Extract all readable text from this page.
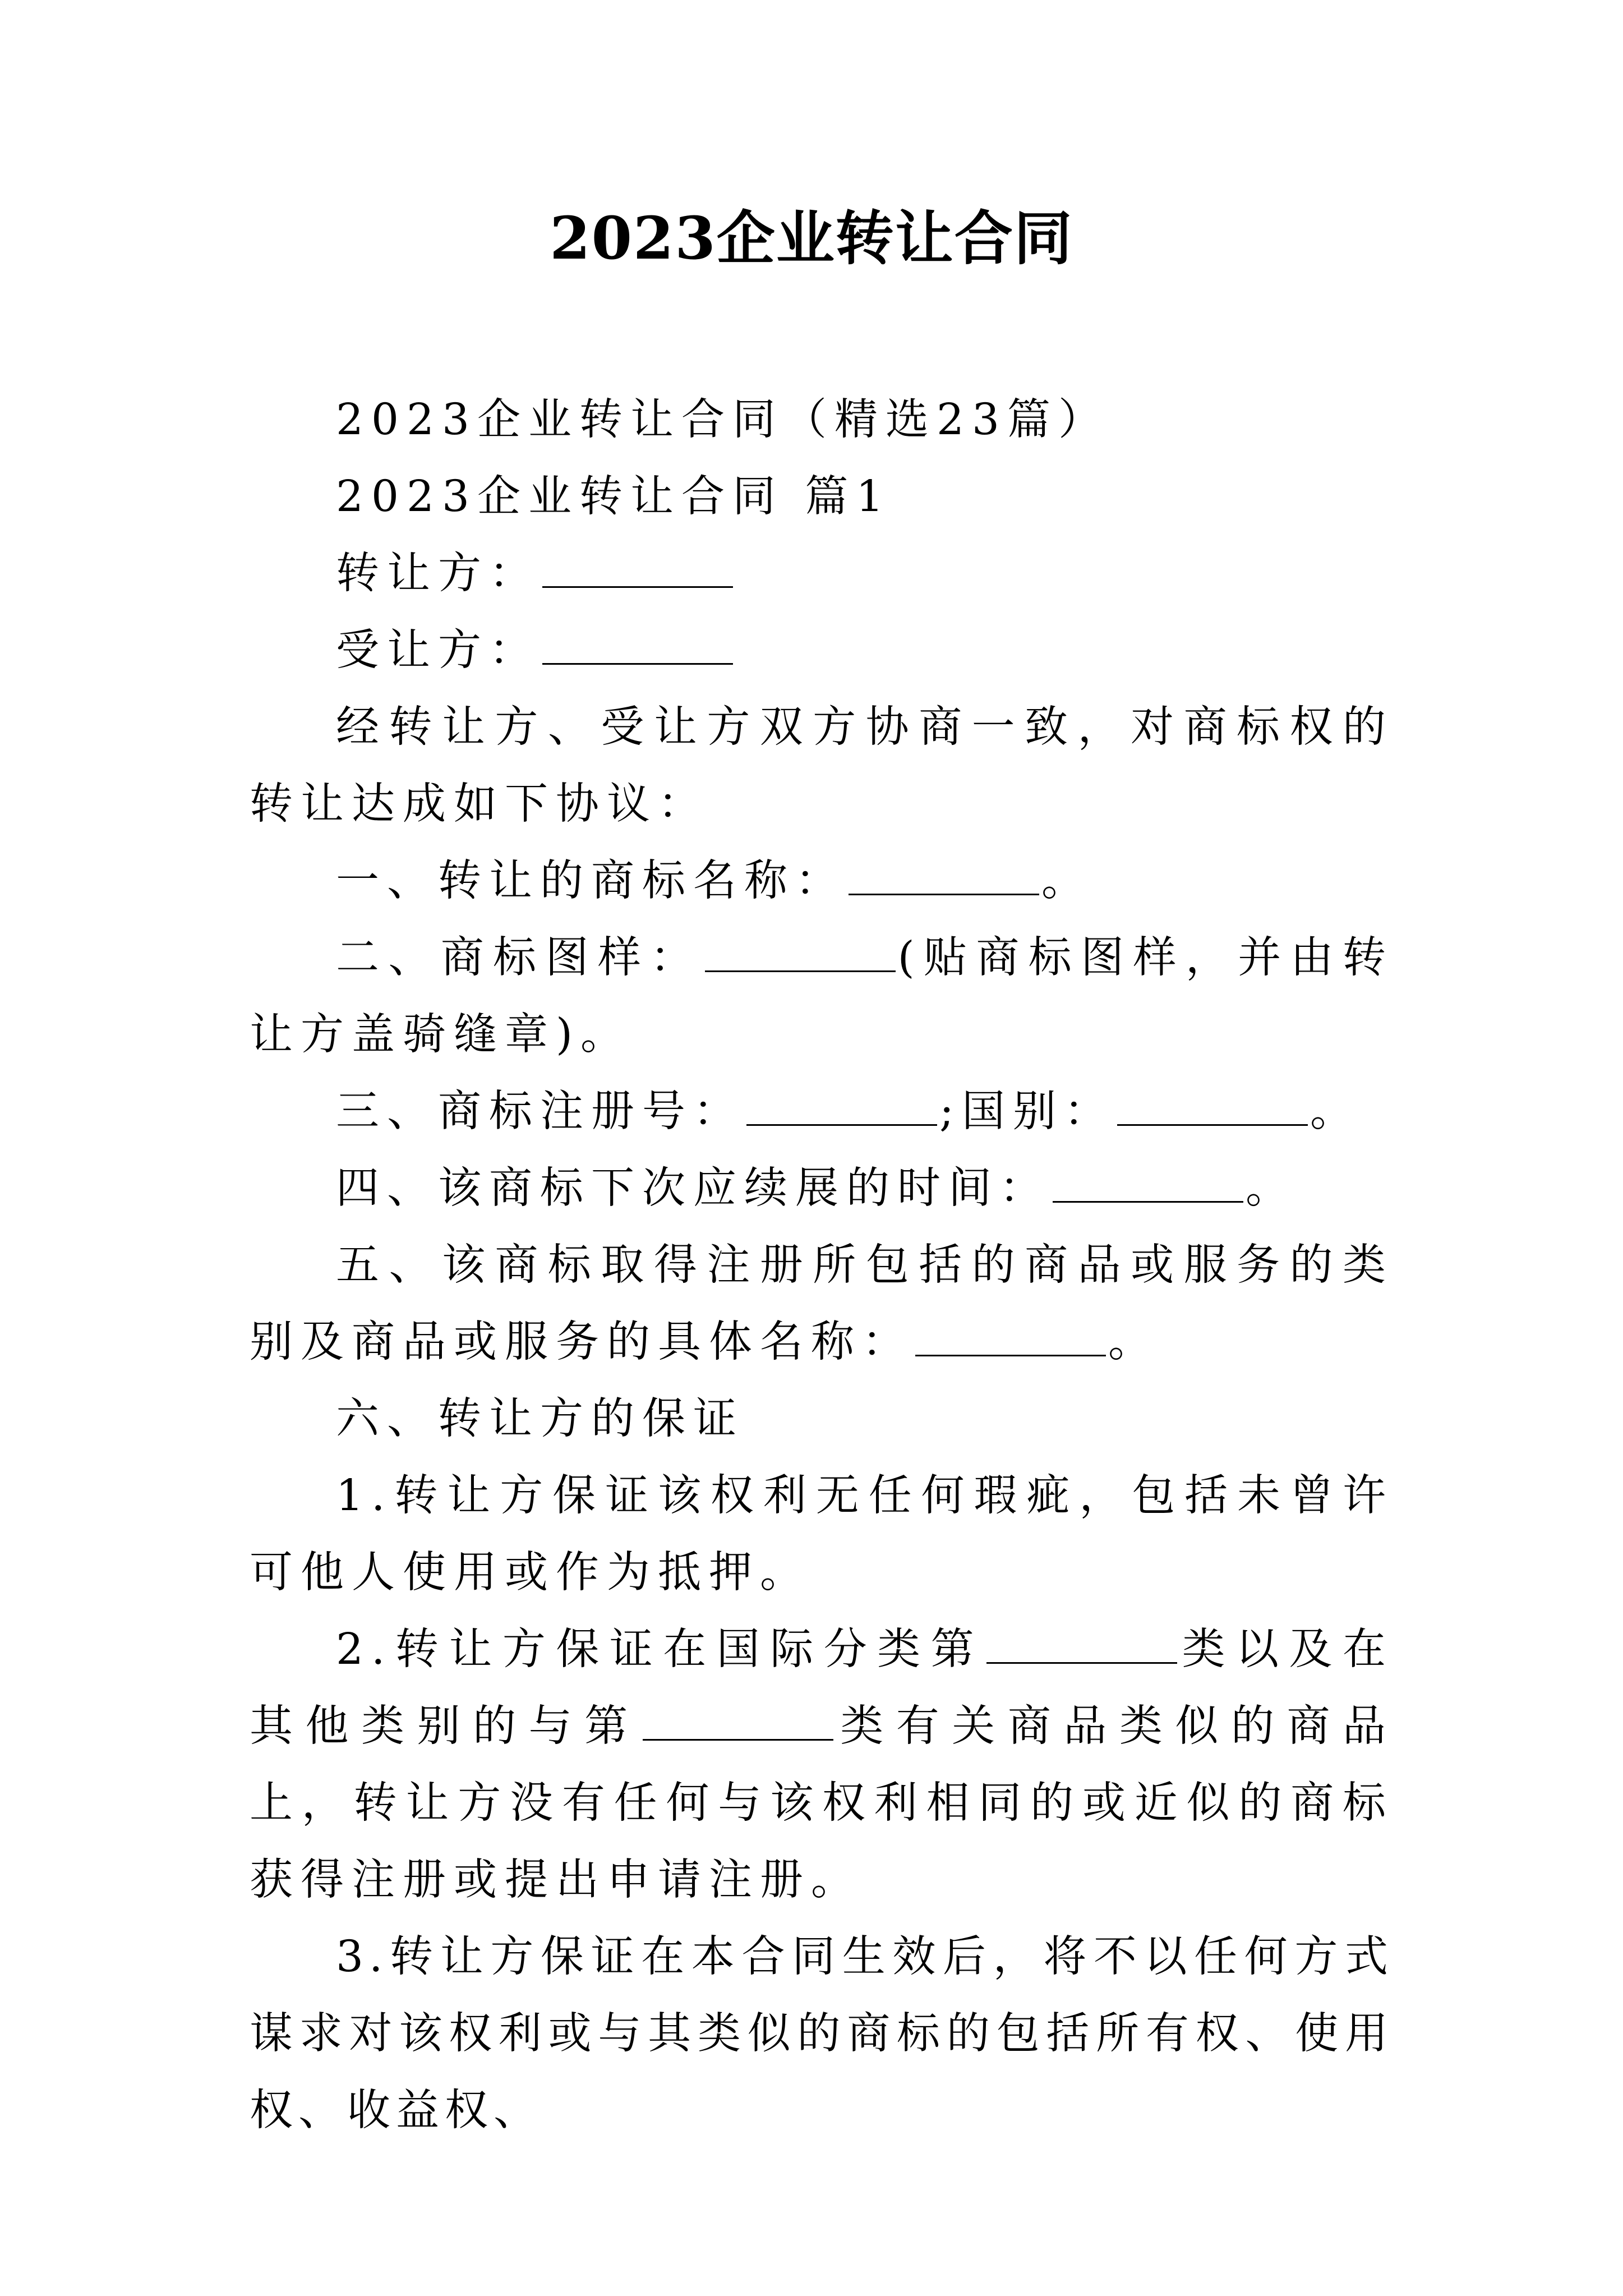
2023企业转让合同

2023企业转让合同（精选23篇）

2023企业转让合同 篇1

转让方：

受让方：

经转让方、受让方双方协商一致，对商标权的转让达成如下协议：

一、转让的商标名称：	。

二、商标图样：	(贴商标图样，并由转让方盖骑缝章)。

三、商标注册号：	;国别：	。

四、该商标下次应续展的时间：	。

五、该商标取得注册所包括的商品或服务的类别及商品或服务的具体名称：	。

六、转让方的保证

1.转让方保证该权利无任何瑕疵，包括未曾许可他人使用或作为抵押。

2.转让方保证在国际分类第	类以及在其他类别的与第	类有关商品类似的商品上，转让方没有任何与该权利相同的或近似的商标获得注册或提出申请注册。

3.转让方保证在本合同生效后，将不以任何方式谋求对该权利或与其类似的商标的包括所有权、使用权、收益权、
